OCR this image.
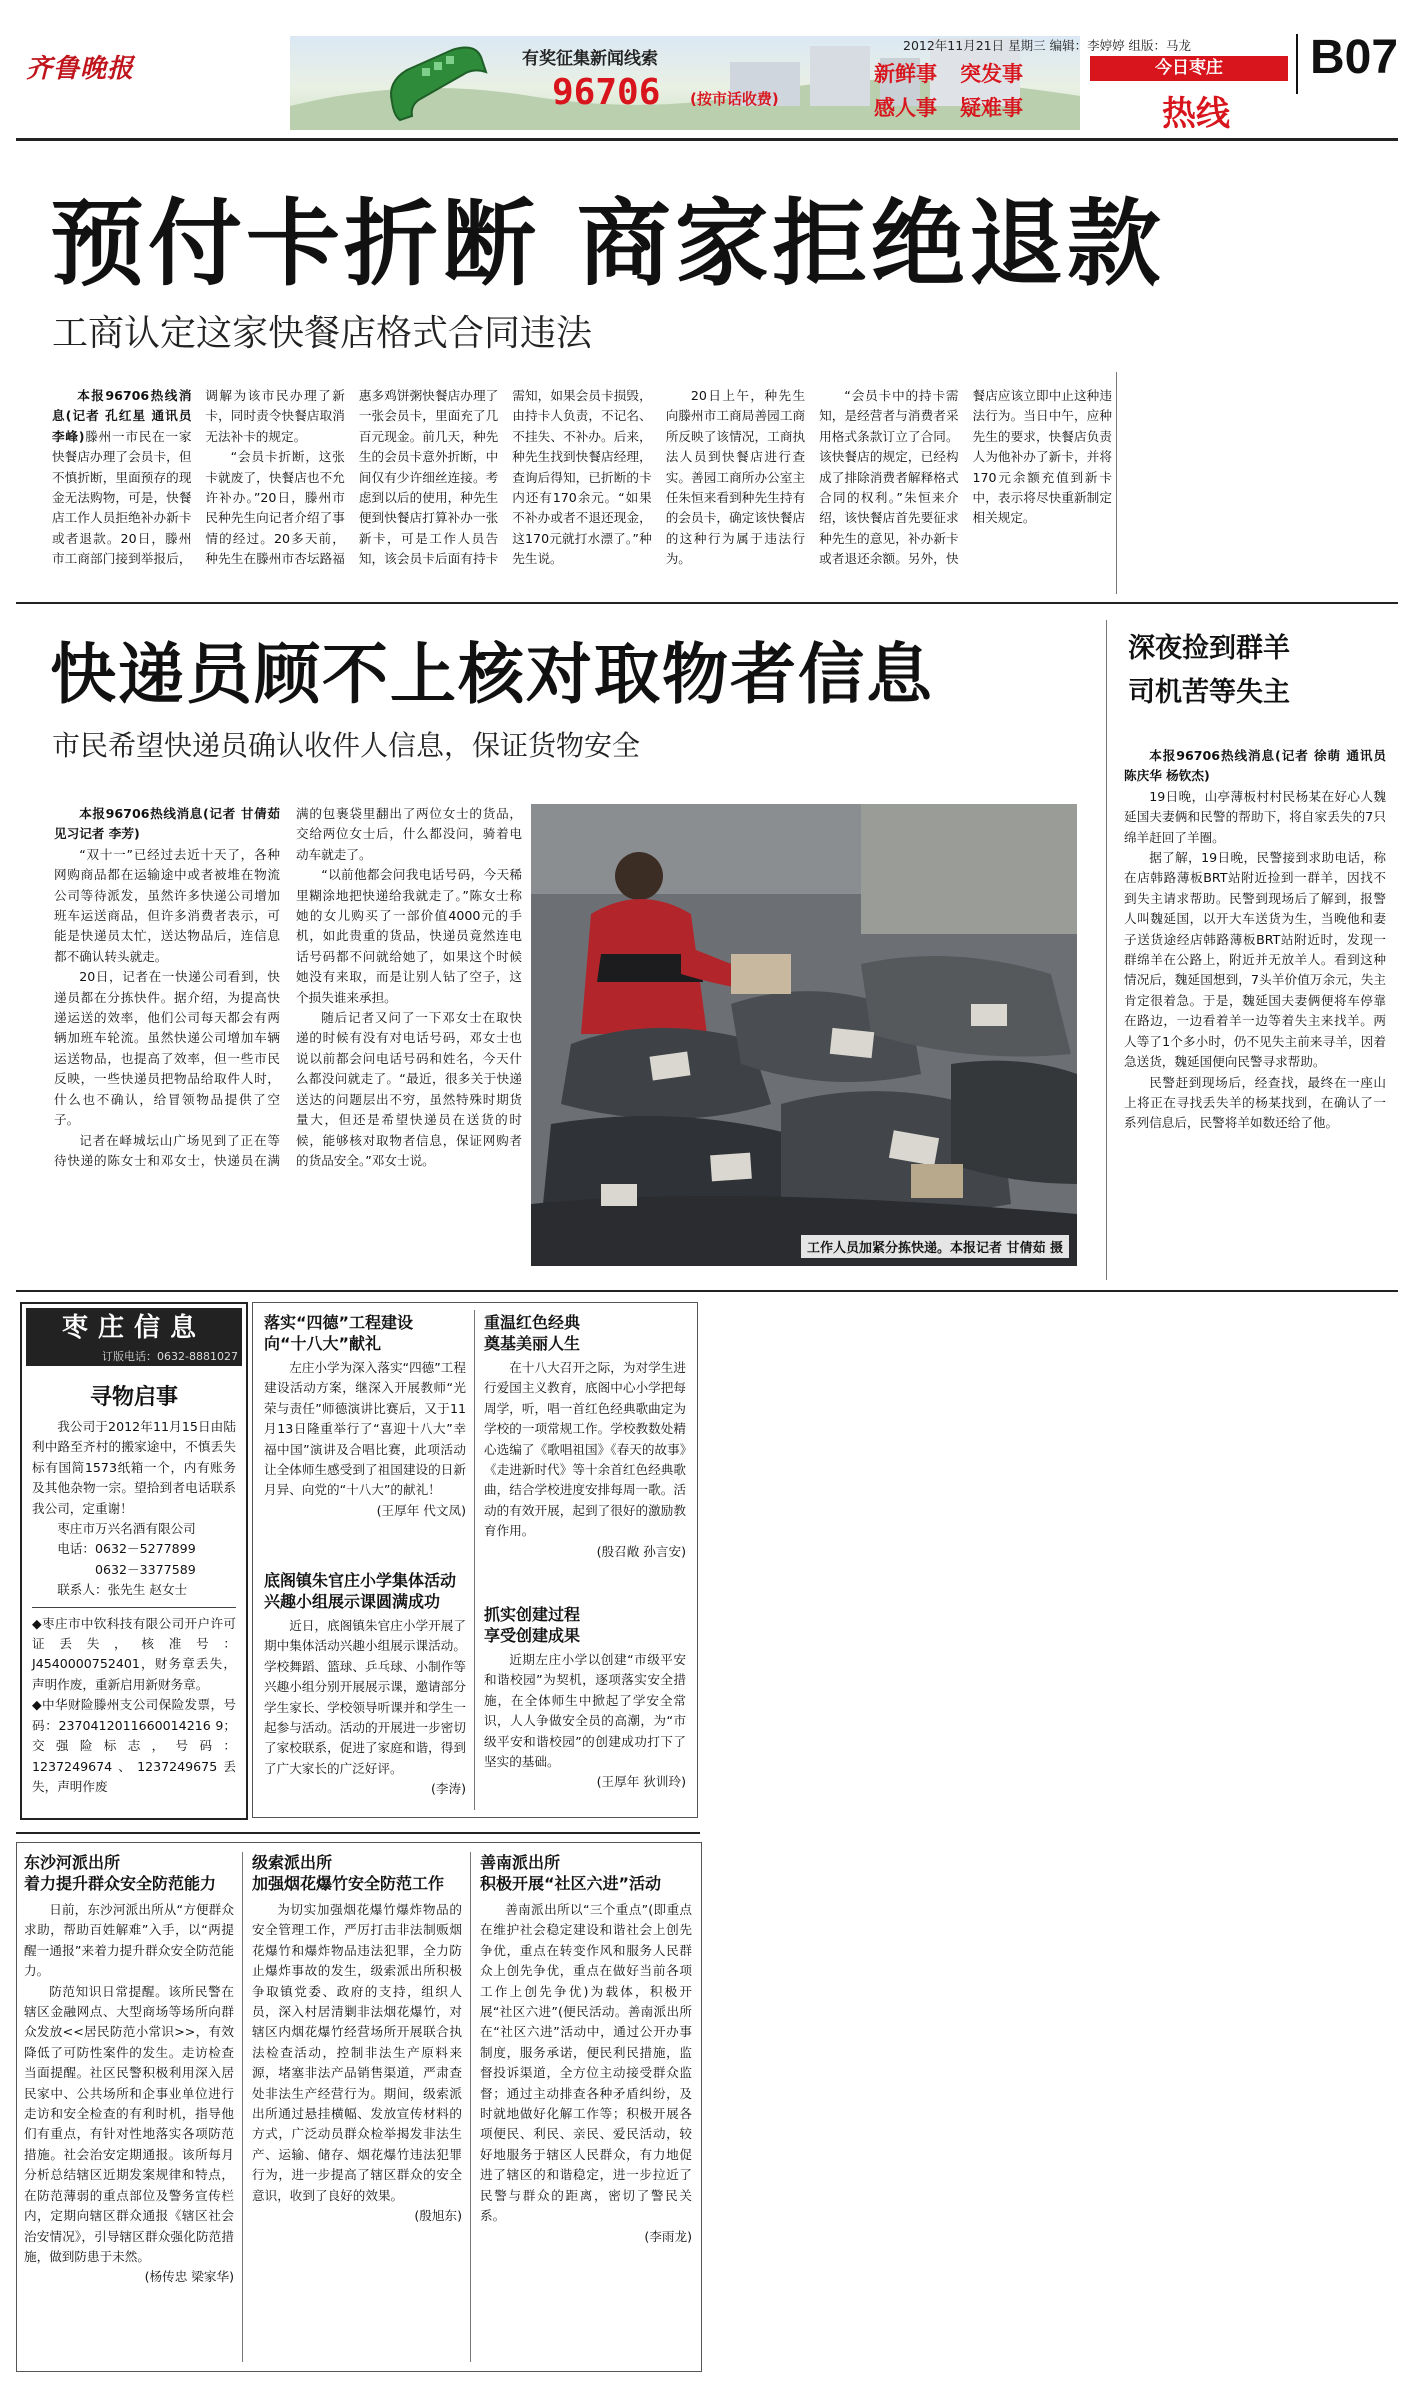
齐鲁晚报	有奖征集新闻线索
96706 (按市话收费)
新鲜事 突发事
感人事 疑难事
2012年11月21日 星期三 编辑：李婷婷 组版：马龙
今日枣庄
热线
B07
预付卡折断 商家拒绝退款
工商认定这家快餐店格式合同违法

本报96706热线消息(记者 孔红星 通讯员 李峰)滕州一市民在一家快餐店办理了会员卡，但不慎折断，里面预存的现金无法购物，可是，快餐店工作人员拒绝补办新卡或者退款。20日，滕州市工商部门接到举报后，调解为该市民办理了新卡，同时责令快餐店取消无法补卡的规定。

“会员卡折断，这张卡就废了，快餐店也不允许补办。”20日，滕州市民种先生向记者介绍了事情的经过。20多天前，种先生在滕州市杏坛路福惠多鸡饼粥快餐店办理了一张会员卡，里面充了几百元现金。前几天，种先生的会员卡意外折断，中间仅有少许细丝连接。考虑到以后的使用，种先生便到快餐店打算补办一张新卡，可是工作人员告知，该会员卡后面有持卡需知，如果会员卡损毁，由持卡人负责，不记名、不挂失、不补办。后来，种先生找到快餐店经理，查询后得知，已折断的卡内还有170余元。“如果不补办或者不退还现金，这170元就打水漂了。”种先生说。

20日上午，种先生向滕州市工商局善园工商所反映了该情况，工商执法人员到快餐店进行查实。善园工商所办公室主任朱恒来看到种先生持有的会员卡，确定该快餐店的这种行为属于违法行为。

“会员卡中的持卡需知，是经营者与消费者采用格式条款订立了合同。该快餐店的规定，已经构成了排除消费者解释格式合同的权利。”朱恒来介绍，该快餐店首先要征求种先生的意见，补办新卡或者退还余额。另外，快餐店应该立即中止这种违法行为。当日中午，应种先生的要求，快餐店负责人为他补办了新卡，并将170元余额充值到新卡中，表示将尽快重新制定相关规定。

快递员顾不上核对取物者信息
市民希望快递员确认收件人信息，保证货物安全

本报96706热线消息(记者 甘倩茹 见习记者 李芳)

“双十一”已经过去近十天了，各种网购商品都在运输途中或者被堆在物流公司等待派发，虽然许多快递公司增加班车运送商品，但许多消费者表示，可能是快递员太忙，送达物品后，连信息都不确认转头就走。

20日，记者在一快递公司看到，快递员都在分拣快件。据介绍，为提高快递运送的效率，他们公司每天都会有两辆加班车轮流。虽然快递公司增加车辆运送物品，也提高了效率，但一些市民反映，一些快递员把物品给取件人时，什么也不确认，给冒领物品提供了空子。

记者在峄城坛山广场见到了正在等待快递的陈女士和邓女士，快递员在满满的包裹袋里翻出了两位女士的货品，交给两位女士后，什么都没问，骑着电动车就走了。

“以前他都会问我电话号码，今天稀里糊涂地把快递给我就走了。”陈女士称她的女儿购买了一部价值4000元的手机，如此贵重的货品，快递员竟然连电话号码都不问就给她了，如果这个时候她没有来取，而是让别人钻了空子，这个损失谁来承担。

随后记者又问了一下邓女士在取快递的时候有没有对电话号码，邓女士也说以前都会问电话号码和姓名，今天什么都没问就走了。“最近，很多关于快递送达的问题层出不穷，虽然特殊时期货量大，但还是希望快递员在送货的时候，能够核对取物者信息，保证网购者的货品安全。”邓女士说。

工作人员加紧分拣快递。本报记者 甘倩茹 摄
深夜捡到群羊
司机苦等失主

本报96706热线消息(记者 徐萌 通讯员 陈庆华 杨钦杰)

19日晚，山亭薄板村村民杨某在好心人魏延国夫妻俩和民警的帮助下，将自家丢失的7只绵羊赶回了羊圈。

据了解，19日晚，民警接到求助电话，称在店韩路薄板BRT站附近捡到一群羊，因找不到失主请求帮助。民警到现场后了解到，报警人叫魏延国，以开大车送货为生，当晚他和妻子送货途经店韩路薄板BRT站附近时，发现一群绵羊在公路上，附近并无放羊人。看到这种情况后，魏延国想到，7头羊价值万余元，失主肯定很着急。于是，魏延国夫妻俩便将车停靠在路边，一边看着羊一边等着失主来找羊。两人等了1个多小时，仍不见失主前来寻羊，因着急送货，魏延国便向民警寻求帮助。

民警赶到现场后，经查找，最终在一座山上将正在寻找丢失羊的杨某找到，在确认了一系列信息后，民警将羊如数还给了他。

枣庄信息
订版电话：0632-8881027
寻物启事

我公司于2012年11月15日由陆利中路至齐村的搬家途中，不慎丢失标有国简1573纸箱一个，内有账务及其他杂物一宗。望拾到者电话联系我公司，定重谢！

枣庄市万兴名酒有限公司

电话：0632－5277899

0632－3377589

联系人：张先生 赵女士

◆枣庄市中钦科技有限公司开户许可证丢失，核准号：J4540000752401，财务章丢失，声明作废，重新启用新财务章。

◆中华财险滕州支公司保险发票，号码：2370412011660014216 9；交强险标志，号码：1237249674、1237249675丢失，声明作废

落实“四德”工程建设

向“十八大”献礼

左庄小学为深入落实“四德”工程建设活动方案，继深入开展教师“光荣与责任”师德演讲比赛后，又于11月13日隆重举行了“喜迎十八大”幸福中国”演讲及合唱比赛，此项活动让全体师生感受到了祖国建设的日新月异、向党的“十八大”的献礼！

(王厚年 代文凤)

底阁镇朱官庄小学集体活动

兴趣小组展示课圆满成功

近日，底阁镇朱官庄小学开展了期中集体活动兴趣小组展示课活动。学校舞蹈、篮球、乒乓球、小制作等兴趣小组分别开展展示课，邀请部分学生家长、学校领导听课并和学生一起参与活动。活动的开展进一步密切了家校联系，促进了家庭和谐，得到了广大家长的广泛好评。

(李涛)

重温红色经典

奠基美丽人生

在十八大召开之际，为对学生进行爱国主义教育，底阁中心小学把每周学，听，唱一首红色经典歌曲定为学校的一项常规工作。学校教数处精心选编了《歌唱祖国》《春天的故事》《走进新时代》等十余首红色经典歌曲，结合学校进度安排每周一歌。活动的有效开展，起到了很好的激励教育作用。

(殷召敞 孙言安)

抓实创建过程

享受创建成果

近期左庄小学以创建“市级平安和谐校园”为契机，逐项落实安全措施，在全体师生中掀起了学安全常识，人人争做安全员的高潮，为“市级平安和谐校园”的创建成功打下了坚实的基础。

(王厚年 狄训玲)

东沙河派出所

着力提升群众安全防范能力

日前，东沙河派出所从“方便群众求助，帮助百姓解难”入手，以“两提醒一通报”来着力提升群众安全防范能力。

防范知识日常提醒。该所民警在辖区金融网点、大型商场等场所向群众发放<<居民防范小常识>>，有效降低了可防性案件的发生。走访检查当面提醒。社区民警积极利用深入居民家中、公共场所和企事业单位进行走访和安全检查的有利时机，指导他们有重点，有针对性地落实各项防范措施。社会治安定期通报。该所每月分析总结辖区近期发案规律和特点，在防范薄弱的重点部位及警务宣传栏内，定期向辖区群众通报《辖区社会治安情况》，引导辖区群众强化防范措施，做到防患于未然。

(杨传忠 梁家华)

级索派出所

加强烟花爆竹安全防范工作

为切实加强烟花爆竹爆炸物品的安全管理工作，严厉打击非法制贩烟花爆竹和爆炸物品违法犯罪，全力防止爆炸事故的发生，级索派出所积极争取镇党委、政府的支持，组织人员，深入村居清剿非法烟花爆竹，对辖区内烟花爆竹经营场所开展联合执法检查活动，控制非法生产原料来源，堵塞非法产品销售渠道，严肃查处非法生产经营行为。期间，级索派出所通过悬挂横幅、发放宣传材料的方式，广泛动员群众检举揭发非法生产、运输、储存、烟花爆竹违法犯罪行为，进一步提高了辖区群众的安全意识，收到了良好的效果。

(殷旭东)

善南派出所

积极开展“社区六进”活动

善南派出所以“三个重点”(即重点在维护社会稳定建设和谐社会上创先争优，重点在转变作风和服务人民群众上创先争优，重点在做好当前各项工作上创先争优)为载体，积极开展“社区六进”(便民活动。善南派出所在“社区六进”活动中，通过公开办事制度，服务承诺，便民利民措施，监督投诉渠道，全方位主动接受群众监督；通过主动排查各种矛盾纠纷，及时就地做好化解工作等；积极开展各项便民、利民、亲民、爱民活动，较好地服务于辖区人民群众，有力地促进了辖区的和谐稳定，进一步拉近了民警与群众的距离，密切了警民关系。

(李雨龙)
